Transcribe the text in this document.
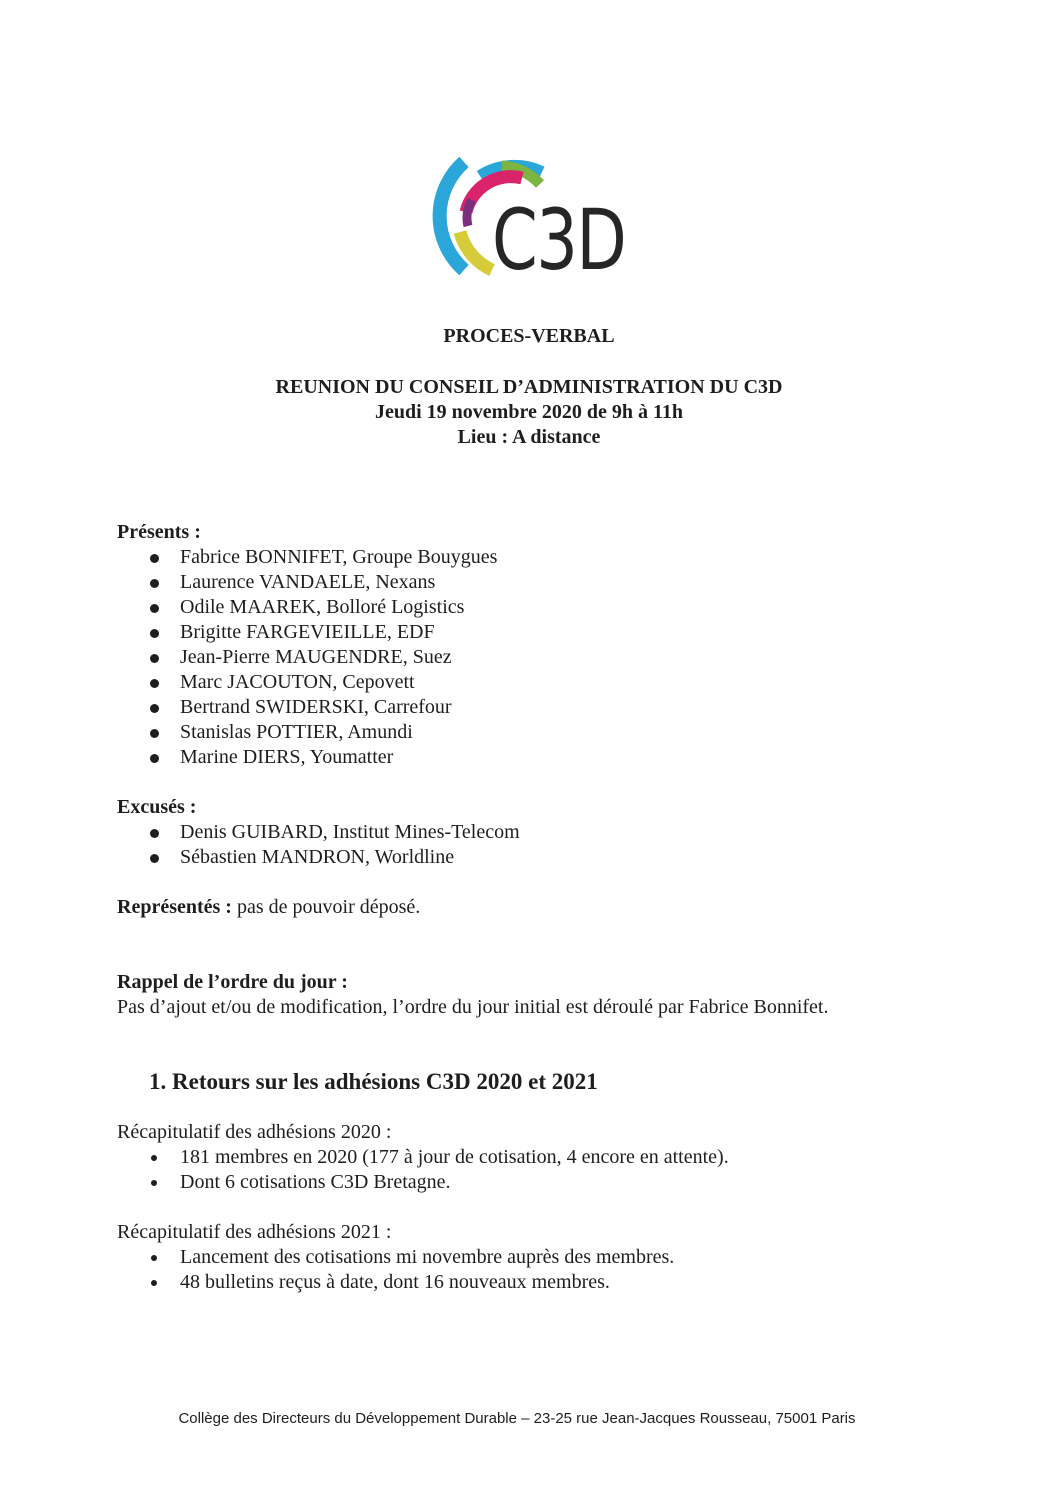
C3D
PROCES-VERBAL
REUNION DU CONSEIL D’ADMINISTRATION DU C3D
Jeudi 19 novembre 2020 de 9h à 11h
Lieu : A distance

Présents :

Fabrice BONNIFET, Groupe Bouygues
Laurence VANDAELE, Nexans
Odile MAAREK, Bolloré Logistics
Brigitte FARGEVIEILLE, EDF
Jean-Pierre MAUGENDRE, Suez
Marc JACOUTON, Cepovett
Bertrand SWIDERSKI, Carrefour
Stanislas POTTIER, Amundi
Marine DIERS, Youmatter

Excusés :

Denis GUIBARD, Institut Mines-Telecom
Sébastien MANDRON, Worldline

Représentés : pas de pouvoir déposé.

Rappel de l’ordre du jour :

Pas d’ajout et/ou de modification, l’ordre du jour initial est déroulé par Fabrice Bonnifet.

1. Retours sur les adhésions C3D 2020 et 2021

Récapitulatif des adhésions 2020 :

181 membres en 2020 (177 à jour de cotisation, 4 encore en attente).
Dont 6 cotisations C3D Bretagne.

Récapitulatif des adhésions 2021 :

Lancement des cotisations mi novembre auprès des membres.
48 bulletins reçus à date, dont 16 nouveaux membres.
Collège des Directeurs du Développement Durable – 23-25 rue Jean-Jacques Rousseau, 75001 Paris
